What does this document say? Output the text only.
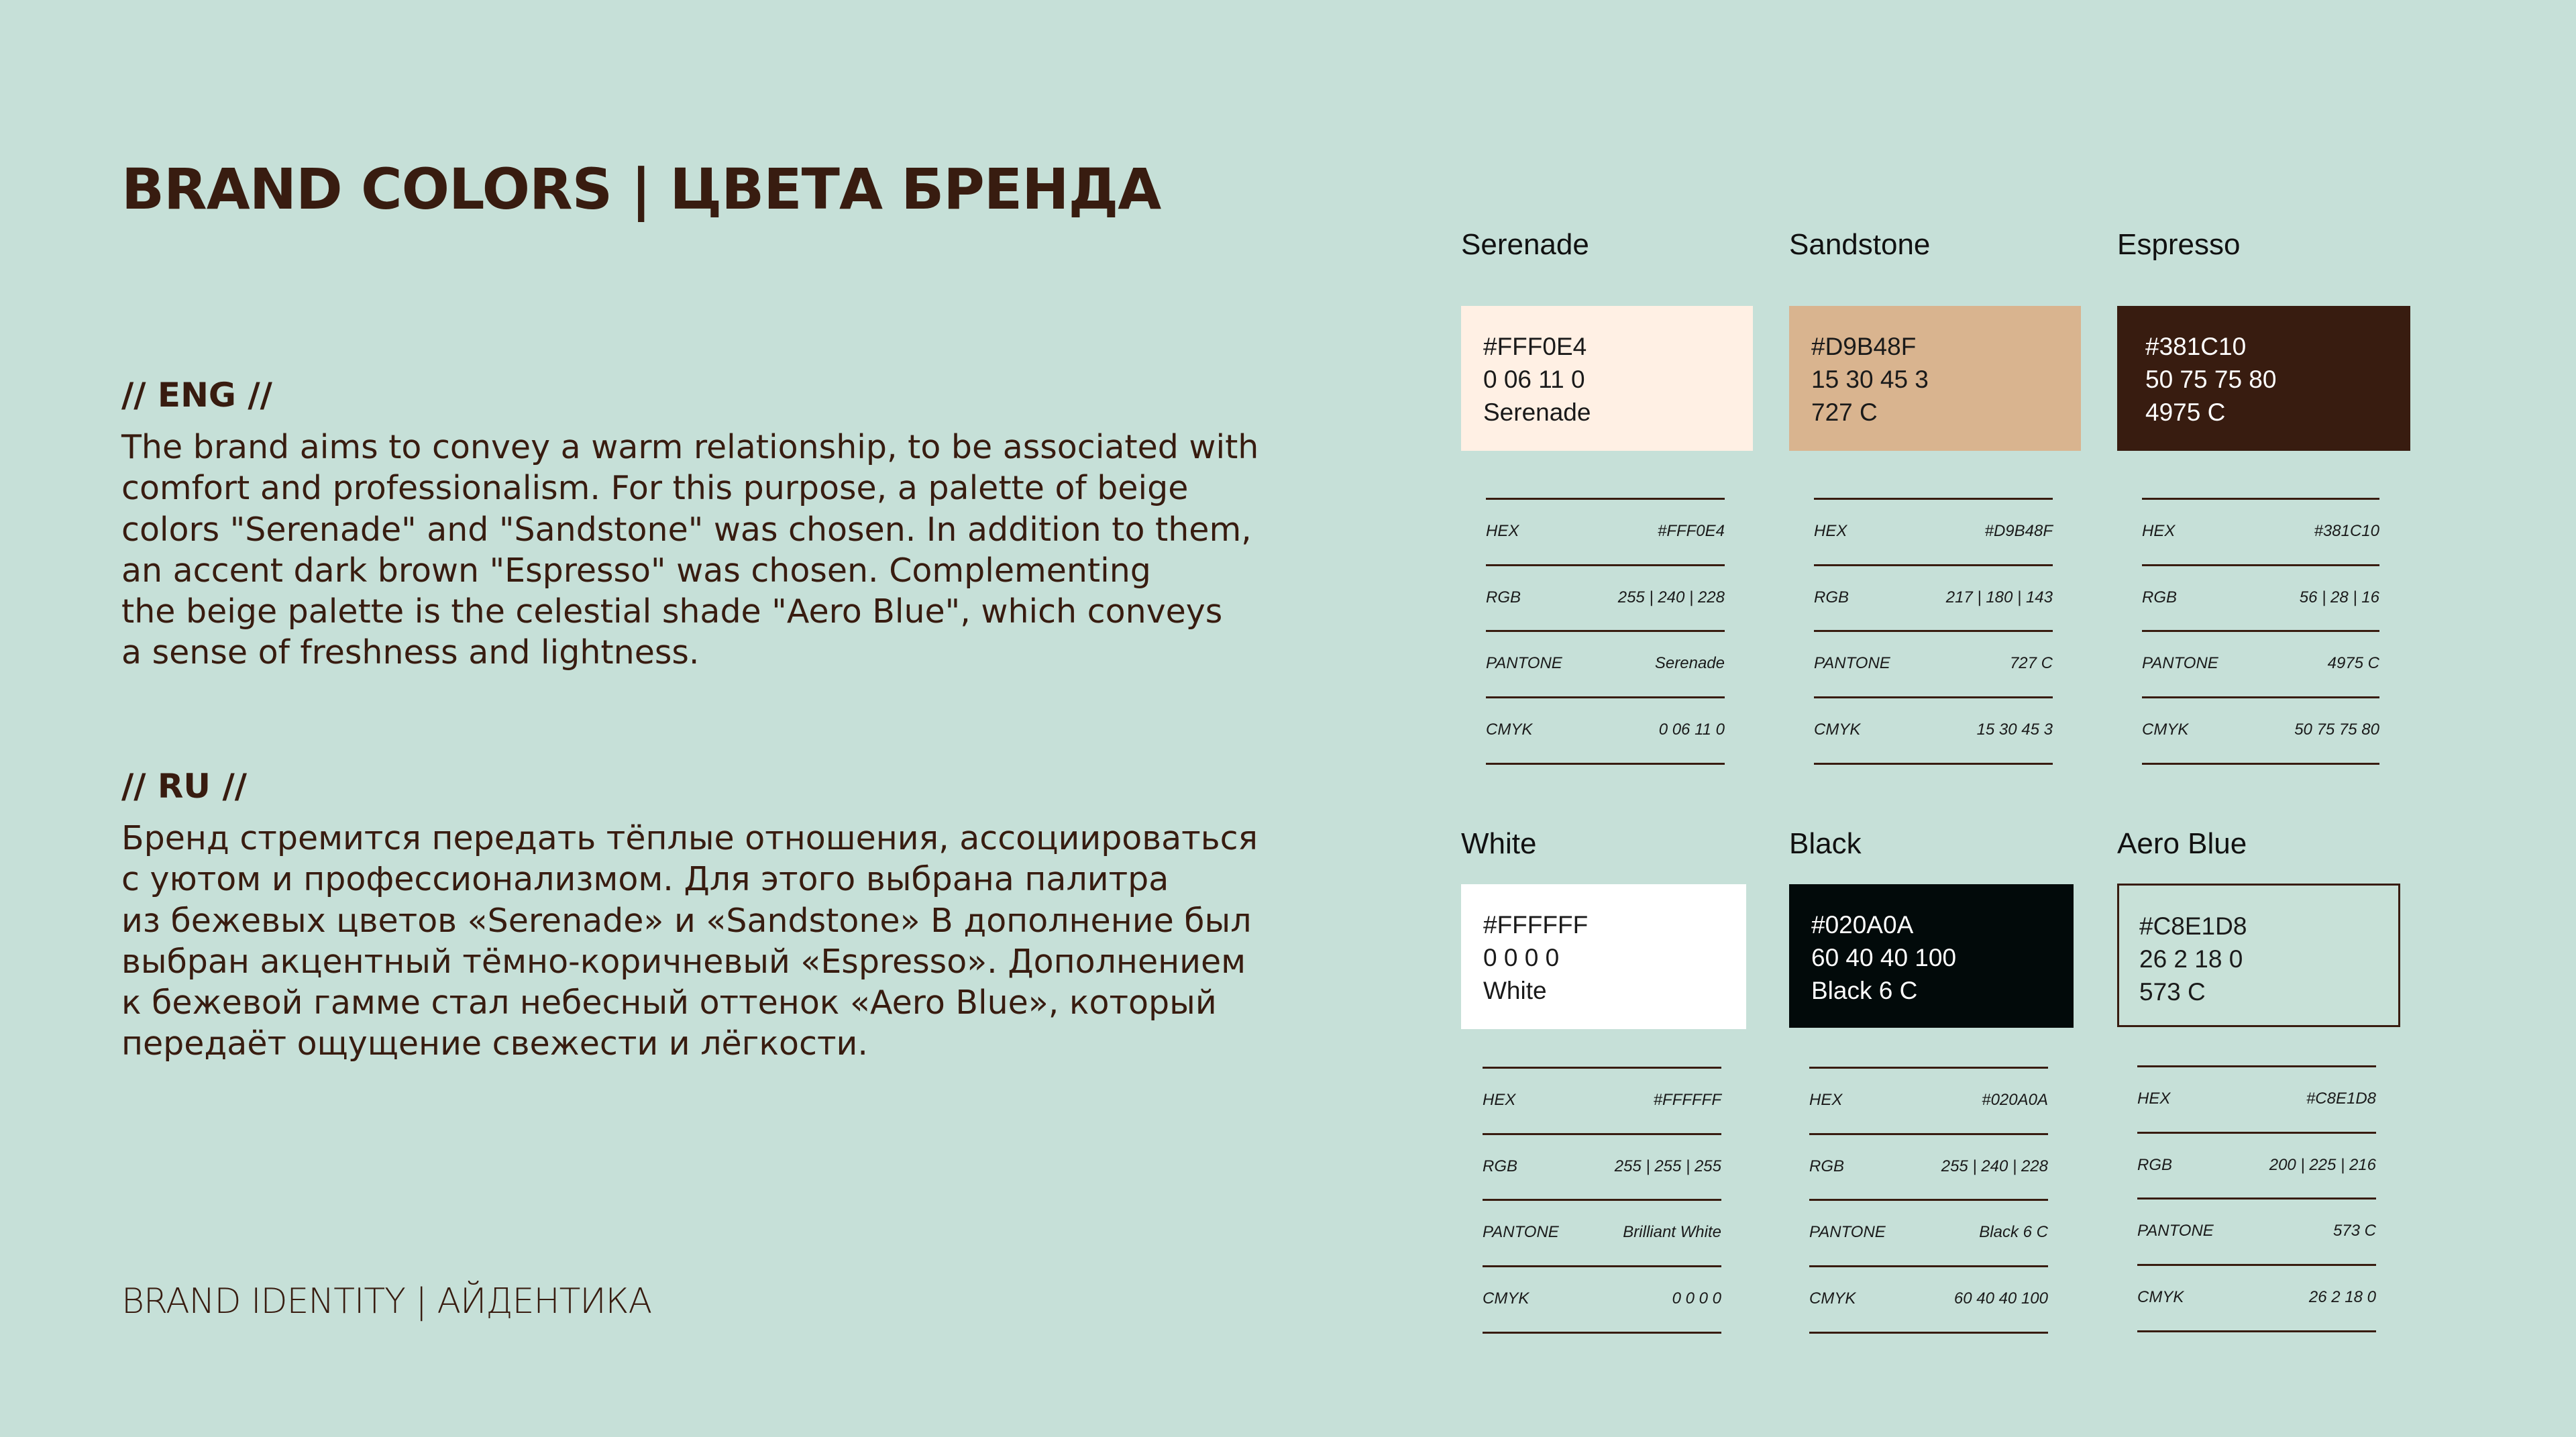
BRAND COLORS | ЦВЕТА БРЕНДА
// ENG //
The brand aims to convey a warm relationship, to be associated with
comfort and professionalism. For this purpose, a palette of beige
colors "Serenade" and "Sandstone" was chosen. In addition to them,
an accent dark brown "Espresso" was chosen. Complementing
the beige palette is the celestial shade "Aero Blue", which conveys
a sense of freshness and lightness.
// RU //
Бренд стремится передать тёплые отношения, ассоциироваться
с уютом и профессионализмом. Для этого выбрана палитра
из бежевых цветов «Serenade» и «Sandstone» В дополнение был
выбран акцентный тёмно-коричневый «Espresso». Дополнением
к бежевой гамме стал небесный оттенок «Aero Blue», который
передаёт ощущение свежести и лёгкости.
BRAND IDENTITY | АЙДЕНТИКА
Serenade
#FFF0E4
0 06 11 0
Serenade
HEX	#FFF0E4
RGB	255 | 240 | 228
PANTONE	Serenade
CMYK	0 06 11 0
Sandstone
#D9B48F
15 30 45 3
727 C
HEX	#D9B48F
RGB	217 | 180 | 143
PANTONE	727 C
CMYK	15 30 45 3
Espresso
#381C10
50 75 75 80
4975 C
HEX	#381C10
RGB	56 | 28 | 16
PANTONE	4975 C
CMYK	50 75 75 80
White
#FFFFFF
0 0 0 0
White
HEX	#FFFFFF
RGB	255 | 255 | 255
PANTONE	Brilliant White
CMYK	0 0 0 0
Black
#020A0A
60 40 40 100
Black 6 C
HEX	#020A0A
RGB	255 | 240 | 228
PANTONE	Black 6 C
CMYK	60 40 40 100
Aero Blue
#C8E1D8
26 2 18 0
573 C
HEX	#C8E1D8
RGB	200 | 225 | 216
PANTONE	573 C
CMYK	26 2 18 0
